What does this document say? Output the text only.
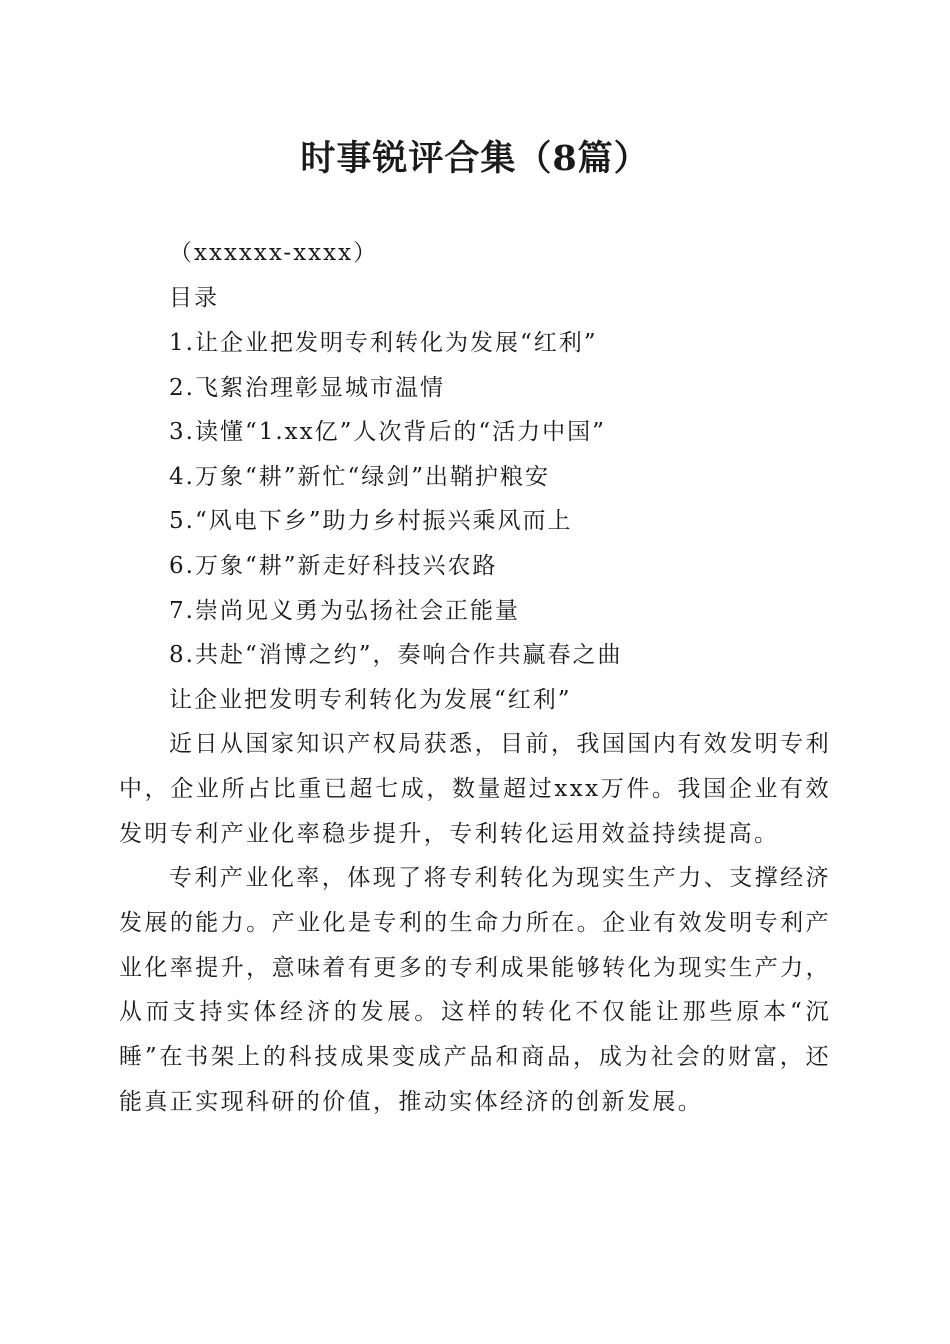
时事锐评合集（8篇）
（xxxxxx-xxxx）
目录
1.让企业把发明专利转化为发展“红利”
2.飞絮治理彰显城市温情
3.读懂“1.xx亿”人次背后的“活力中国”
4.万象“耕”新忙“绿剑”出鞘护粮安
5.“风电下乡”助力乡村振兴乘风而上
6.万象“耕”新走好科技兴农路
7.崇尚见义勇为弘扬社会正能量
8.共赴“消博之约”，奏响合作共赢春之曲
让企业把发明专利转化为发展“红利”
近日从国家知识产权局获悉，目前，我国国内有效发明专利中，企业所占比重已超七成，数量超过xxx万件。我国企业有效发明专利产业化率稳步提升，专利转化运用效益持续提高。
专利产业化率，体现了将专利转化为现实生产力、支撑经济发展的能力。产业化是专利的生命力所在。企业有效发明专利产业化率提升，意味着有更多的专利成果能够转化为现实生产力，从而支持实体经济的发展。这样的转化不仅能让那些原本“沉睡”在书架上的科技成果变成产品和商品，成为社会的财富，还能真正实现科研的价值，推动实体经济的创新发展。
